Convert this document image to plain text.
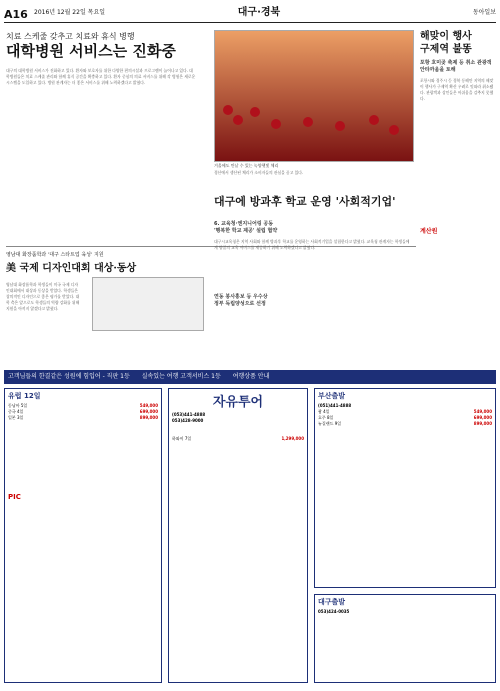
A16 2016년 12월 22일 목요일	대구·경북	동아일보
치료 스케줄 갖추고 치료와 휴식 병행
대학병원 서비스는 진화중
대구의 대학병원 서비스가 진화하고 있다. 환자와 보호자를 위한 다양한 편의시설과 프로그램이 늘어나고 있다. 대학병원들은 치료 스케줄 관리와 함께 휴식 공간을 확충하고 있다. 환자 중심의 의료 서비스를 위해 각 병원은 새로운 시스템을 도입하고 있다. 병원 관계자는 더 좋은 서비스를 위해 노력하겠다고 밝혔다.
겨울에도 만날 수 있는 녹양햇빛 체리
경산에서 생산된 체리가 소비자들의 관심을 끌고 있다.
영남대 화장품학과 '대구 스타트업 육성' 지원
美 국제 디자인대회 대상·동상
영남대 화장품학과 학생들이 미국 국제 디자인대회에서 대상과 동상을 받았다. 학생들은 창의적인 디자인으로 좋은 평가를 받았다. 대학 측은 앞으로도 학생들의 역량 강화를 위해 지원을 아끼지 않겠다고 밝혔다.
대구에 방과후 학교 운영 '사회적기업'
6. 교육청·엔지니어링 공동
'행복한 학교 제공' 설립 협약
대구시교육청은 지역 사회와 함께 방과후 학교를 운영하는 사회적기업을 설립한다고 밝혔다. 교육청 관계자는 학생들에게 양질의 교육 서비스를 제공하기 위해 노력하겠다고 밝혔다.
연동 봉사홍보 등 우수상
정부 독립양성으로 선정
해맞이 행사
구제역 불똥
포항 호미곶 축제 등 취소 관광객 안타까움을 토해
포항시와 경주시 등 경북 동해안 지역의 해맞이 행사가 구제역 확산 우려로 잇따라 취소됐다. 관광객과 상인들은 아쉬움을 감추지 못했다.
계산원
고객님들의 한결같은 성원에 힘입어 - 직판 1등 실속있는 여행 고객서비스 1등 여행상품 안내
유럽 12일
동남아 5일	549,000
중국 4일	699,000
일본 3일	899,000
PIC
자유투어
(053)441-4888
053)428-9000
하와이 7일	1,299,000
부산출발
(051)441-4888
괌 4일	549,000
호주 8일	699,000
뉴질랜드 9일	899,000
대구출발
053)424-0035
